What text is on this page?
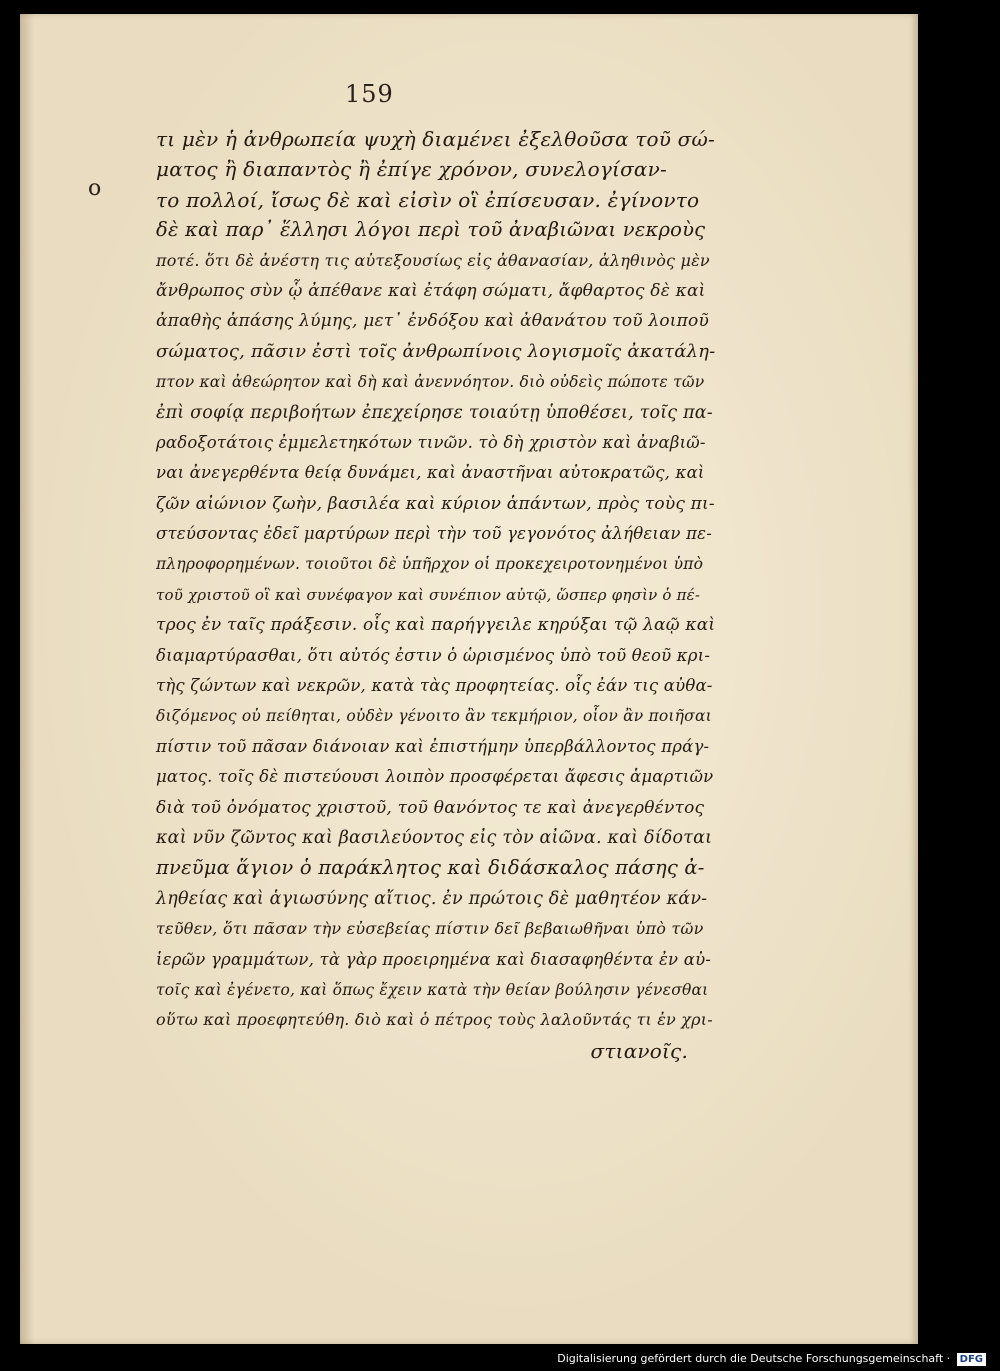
159
ο
τι μὲν ἡ ἀνθρωπεία ψυχὴ διαμένει ἐξελθοῦσα τοῦ σώ-
ματος ἢ διαπαντὸς ἢ ἐπίγε χρόνον, συνελογίσαν-
το πολλοί, ἴσως δὲ καὶ εἰσὶν οἳ ἐπίσευσαν. ἐγίνοντο
δὲ καὶ παρ᾿ ἕλλησι λόγοι περὶ τοῦ ἀναβιῶναι νεκροὺς
ποτέ. ὅτι δὲ ἀνέστη τις αὐτεξουσίως εἰς ἀθανασίαν, ἀληθινὸς μὲν
ἄνθρωπος σὺν ᾧ ἀπέθανε καὶ ἐτάφη σώματι, ἄφθαρτος δὲ καὶ
ἀπαθὴς ἁπάσης λύμης, μετ᾿ ἐνδόξου καὶ ἀθανάτου τοῦ λοιποῦ
σώματος, πᾶσιν ἐστὶ τοῖς ἀνθρωπίνοις λογισμοῖς ἀκατάλη-
πτον καὶ ἀθεώρητον καὶ δὴ καὶ ἀνεννόητον. διὸ οὐδεὶς πώποτε τῶν
ἐπὶ σοφίᾳ περιβοήτων ἐπεχείρησε τοιαύτῃ ὑποθέσει, τοῖς πα-
ραδοξοτάτοις ἐμμελετηκότων τινῶν. τὸ δὴ χριστὸν καὶ ἀναβιῶ-
ναι ἀνεγερθέντα θείᾳ δυνάμει, καὶ ἀναστῆναι αὐτοκρατῶς, καὶ
ζῶν αἰώνιον ζωὴν, βασιλέα καὶ κύριον ἁπάντων, πρὸς τοὺς πι-
στεύσοντας ἐδεῖ μαρτύρων περὶ τὴν τοῦ γεγονότος ἀλήθειαν πε-
πληροφορημένων. τοιοῦτοι δὲ ὑπῆρχον οἱ προκεχειροτονημένοι ὑπὸ
τοῦ χριστοῦ οἳ καὶ συνέφαγον καὶ συνέπιον αὐτῷ, ὥσπερ φησὶν ὁ πέ-
τρος ἐν ταῖς πράξεσιν. οἷς καὶ παρήγγειλε κηρύξαι τῷ λαῷ καὶ
διαμαρτύρασθαι, ὅτι αὐτός ἐστιν ὁ ὡρισμένος ὑπὸ τοῦ θεοῦ κρι-
τὴς ζώντων καὶ νεκρῶν, κατὰ τὰς προφητείας. οἷς ἐάν τις αὐθα-
διζόμενος οὐ πείθηται, οὐδὲν γένοιτο ἂν τεκμήριον, οἷον ἂν ποιῆσαι
πίστιν τοῦ πᾶσαν διάνοιαν καὶ ἐπιστήμην ὑπερβάλλοντος πράγ-
ματος. τοῖς δὲ πιστεύουσι λοιπὸν προσφέρεται ἄφεσις ἁμαρτιῶν
διὰ τοῦ ὀνόματος χριστοῦ, τοῦ θανόντος τε καὶ ἀνεγερθέντος
καὶ νῦν ζῶντος καὶ βασιλεύοντος εἰς τὸν αἰῶνα. καὶ δίδοται
πνεῦμα ἅγιον ὁ παράκλητος καὶ διδάσκαλος πάσης ἀ-
ληθείας καὶ ἁγιωσύνης αἴτιος. ἐν πρώτοις δὲ μαθητέον κάν-
τεῦθεν, ὅτι πᾶσαν τὴν εὐσεβείας πίστιν δεῖ βεβαιωθῆναι ὑπὸ τῶν
ἱερῶν γραμμάτων, τὰ γὰρ προειρημένα καὶ διασαφηθέντα ἐν αὐ-
τοῖς καὶ ἐγένετο, καὶ ὅπως ἔχειν κατὰ τὴν θείαν βούλησιν γένεσθαι
οὕτω καὶ προεφητεύθη. διὸ καὶ ὁ πέτρος τοὺς λαλοῦντάς τι ἐν χρι-
στιανοῖς.
Digitalisierung gefördert durch die Deutsche Forschungsgemeinschaft · DFG
